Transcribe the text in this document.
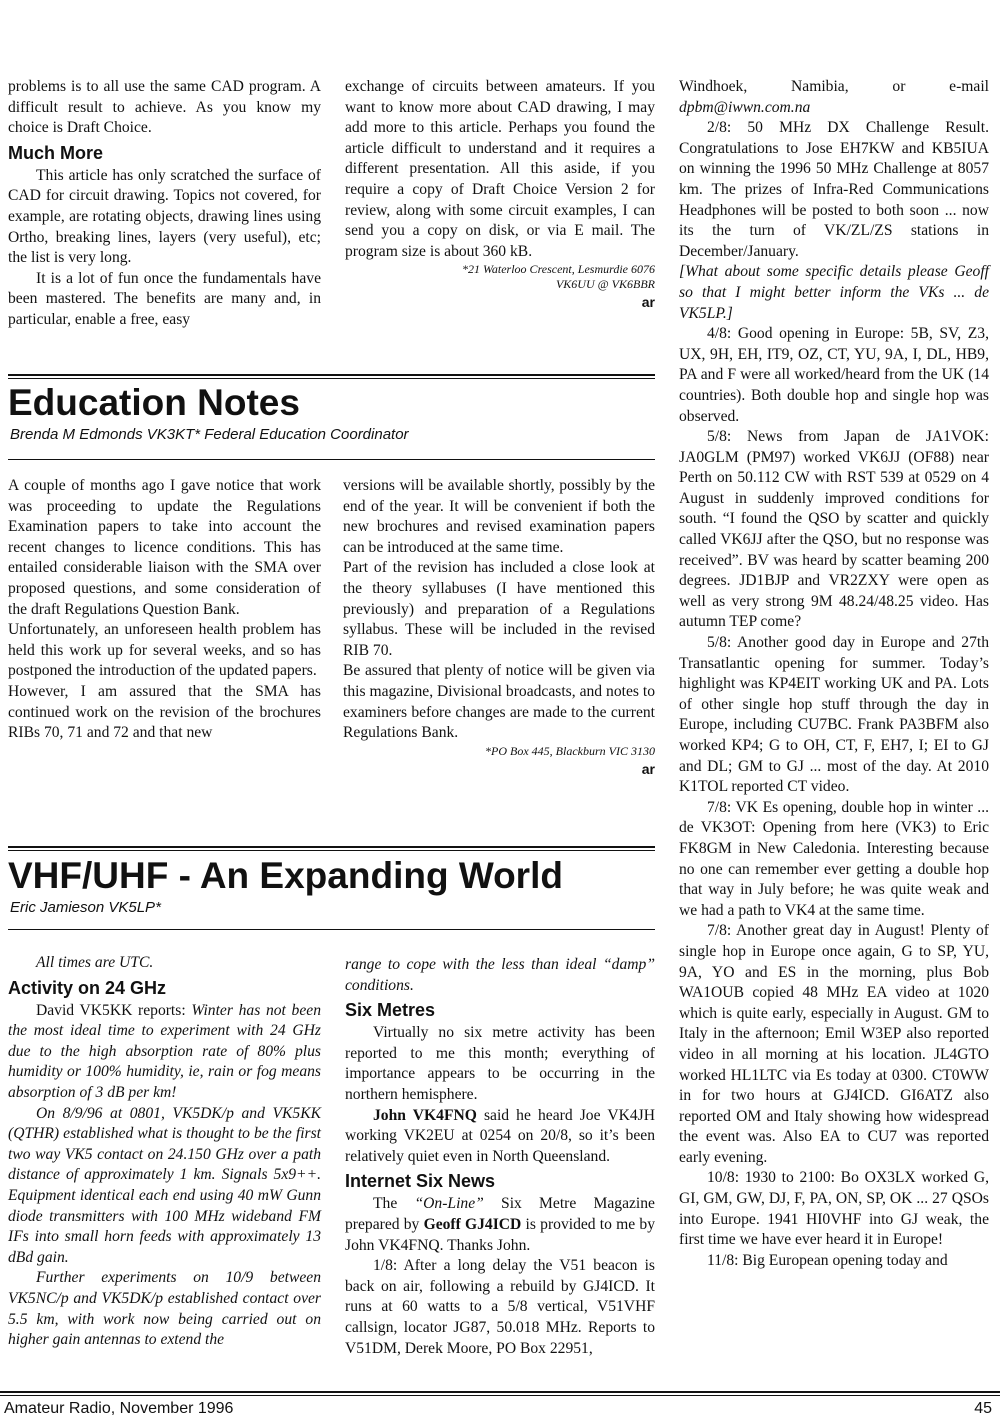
problems is to all use the same CAD program. A difficult result to achieve. As you know my choice is Draft Choice.

Much More

This article has only scratched the surface of CAD for circuit drawing. Topics not covered, for example, are rotating objects, drawing lines using Ortho, breaking lines, layers (very useful), etc; the list is very long.

It is a lot of fun once the fundamentals have been mastered. The benefits are many and, in particular, enable a free, easy

exchange of circuits between amateurs. If you want to know more about CAD drawing, I may add more to this article. Perhaps you found the article difficult to understand and it requires a different presentation. All this aside, if you require a copy of Draft Choice Version 2 for review, along with some circuit examples, I can send you a copy on disk, or via E mail. The program size is about 360 kB.

*21 Waterloo Crescent, Lesmurdie 6076
VK6UU @ VK6BBR
ar
Education Notes
Brenda M Edmonds VK3KT* Federal Education Coordinator

A couple of months ago I gave notice that work was proceeding to update the Regulations Examination papers to take into account the recent changes to licence conditions. This has entailed considerable liaison with the SMA over proposed questions, and some consideration of the draft Regulations Question Bank.

Unfortunately, an unforeseen health problem has held this work up for several weeks, and so has postponed the introduction of the updated papers.

However, I am assured that the SMA has continued work on the revision of the brochures RIBs 70, 71 and 72 and that new

versions will be available shortly, possibly by the end of the year. It will be convenient if both the new brochures and revised examination papers can be introduced at the same time.

Part of the revision has included a close look at the theory syllabuses (I have mentioned this previously) and preparation of a Regulations syllabus. These will be included in the revised RIB 70.

Be assured that plenty of notice will be given via this magazine, Divisional broadcasts, and notes to examiners before changes are made to the current Regulations Bank.

*PO Box 445, Blackburn VIC 3130
ar
VHF/UHF - An Expanding World
Eric Jamieson VK5LP*

All times are UTC.

Activity on 24 GHz

David VK5KK reports: Winter has not been the most ideal time to experiment with 24 GHz due to the high absorption rate of 80% plus humidity or 100% humidity, ie, rain or fog means absorption of 3 dB per km!

On 8/9/96 at 0801, VK5DK/p and VK5KK (QTHR) established what is thought to be the first two way VK5 contact on 24.150 GHz over a path distance of approximately 1 km. Signals 5x9++. Equipment identical each end using 40 mW Gunn diode transmitters with 100 MHz wideband FM IFs into small horn feeds with approximately 13 dBd gain.

Further experiments on 10/9 between VK5NC/p and VK5DK/p established contact over 5.5 km, with work now being carried out on higher gain antennas to extend the

range to cope with the less than ideal “damp” conditions.

Six Metres

Virtually no six metre activity has been reported to me this month; everything of importance appears to be occurring in the northern hemisphere.

John VK4FNQ said he heard Joe VK4JH working VK2EU at 0254 on 20/8, so it’s been relatively quiet even in North Queensland.

Internet Six News

The “On-Line” Six Metre Magazine prepared by Geoff GJ4ICD is provided to me by John VK4FNQ. Thanks John.

1/8: After a long delay the V51 beacon is back on air, following a rebuild by GJ4ICD. It runs at 60 watts to a 5/8 vertical, V51VHF callsign, locator JG87, 50.018 MHz. Reports to V51DM, Derek Moore, PO Box 22951,

Windhoek, Namibia, or e-mail

dpbm@iwwn.com.na

2/8: 50 MHz DX Challenge Result. Congratulations to Jose EH7KW and KB5IUA on winning the 1996 50 MHz Challenge at 8057 km. The prizes of Infra-Red Communications Headphones will be posted to both soon ... now its the turn of VK/ZL/ZS stations in December/January.

[What about some specific details please Geoff so that I might better inform the VKs ... de VK5LP.]

4/8: Good opening in Europe: 5B, SV, Z3, UX, 9H, EH, IT9, OZ, CT, YU, 9A, I, DL, HB9, PA and F were all worked/heard from the UK (14 countries). Both double hop and single hop was observed.

5/8: News from Japan de JA1VOK: JA0GLM (PM97) worked VK6JJ (OF88) near Perth on 50.112 CW with RST 539 at 0529 on 4 August in suddenly improved conditions for south. “I found the QSO by scatter and quickly called VK6JJ after the QSO, but no response was received”. BV was heard by scatter beaming 200 degrees. JD1BJP and VR2ZXY were open as well as very strong 9M 48.24/48.25 video. Has autumn TEP come?

5/8: Another good day in Europe and 27th Transatlantic opening for summer. Today’s highlight was KP4EIT working UK and PA. Lots of other single hop stuff through the day in Europe, including CU7BC. Frank PA3BFM also worked KP4; G to OH, CT, F, EH7, I; EI to GJ and DL; GM to GJ ... most of the day. At 2010 K1TOL reported CT video.

7/8: VK Es opening, double hop in winter ... de VK3OT: Opening from here (VK3) to Eric FK8GM in New Caledonia. Interesting because no one can remember ever getting a double hop that way in July before; he was quite weak and we had a path to VK4 at the same time.

7/8: Another great day in August! Plenty of single hop in Europe once again, G to SP, YU, 9A, YO and ES in the morning, plus Bob WA1OUB copied 48 MHz EA video at 1020 which is quite early, especially in August. GM to Italy in the afternoon; Emil W3EP also reported video in all morning at his location. JL4GTO worked HL1LTC via Es today at 0300. CT0WW in for two hours at GJ4ICD. GI6ATZ also reported OM and Italy showing how widespread the event was. Also EA to CU7 was reported early evening.

10/8: 1930 to 2100: Bo OX3LX worked G, GI, GM, GW, DJ, F, PA, ON, SP, OK ... 27 QSOs into Europe. 1941 HI0VHF into GJ weak, the first time we have ever heard it in Europe!

11/8: Big European opening today and

Amateur Radio, November 1996	45
